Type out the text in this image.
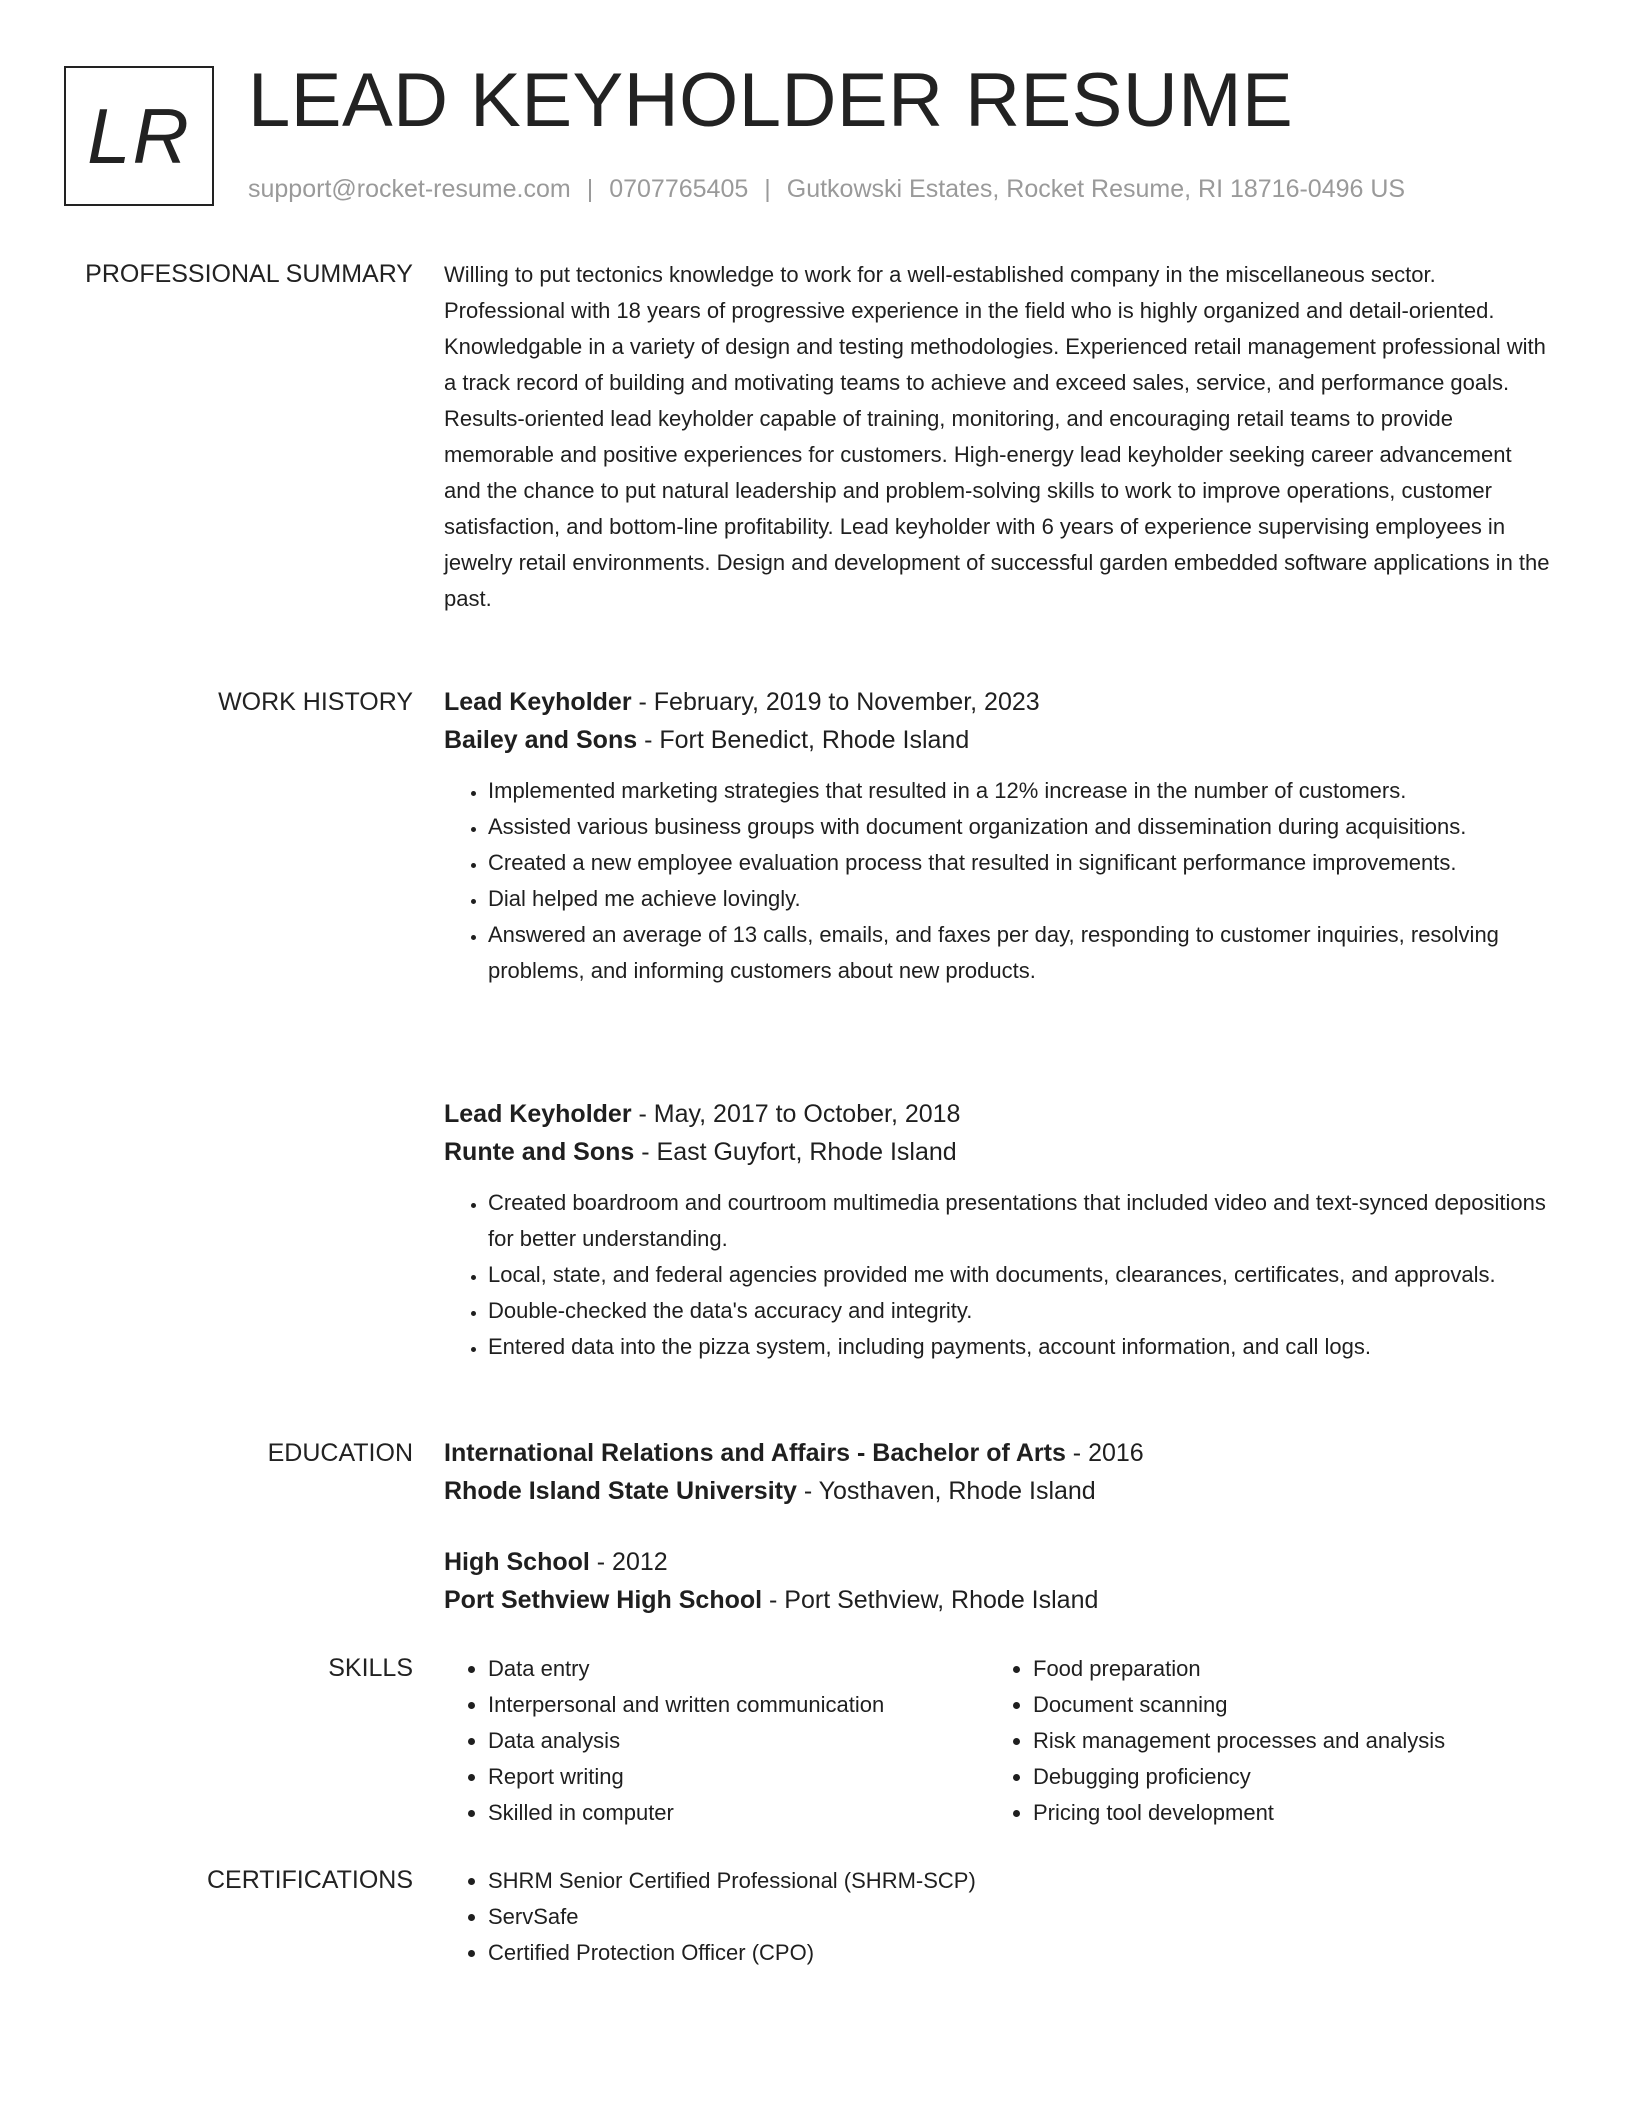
LR LEAD KEYHOLDER RESUME
support@rocket-resume.com | 0707765405 | Gutkowski Estates, Rocket Resume, RI 18716-0496 US
PROFESSIONAL SUMMARY Willing to put tectonics knowledge to work for a well-established company in the miscellaneous sector. Professional with 18 years of progressive experience in the field who is highly organized and detail-oriented. Knowledgable in a variety of design and testing methodologies. Experienced retail management professional with a track record of building and motivating teams to achieve and exceed sales, service, and performance goals. Results-oriented lead keyholder capable of training, monitoring, and encouraging retail teams to provide memorable and positive experiences for customers. High-energy lead keyholder seeking career advancement and the chance to put natural leadership and problem-solving skills to work to improve operations, customer satisfaction, and bottom-line profitability. Lead keyholder with 6 years of experience supervising employees in jewelry retail environments. Design and development of successful garden embedded software applications in the past.

WORK HISTORY Lead Keyholder - February, 2019 to November, 2023
Bailey and Sons - Fort Benedict, Rhode Island
• Implemented marketing strategies that resulted in a 12% increase in the number of customers.
• Assisted various business groups with document organization and dissemination during acquisitions.
• Created a new employee evaluation process that resulted in significant performance improvements.
• Dial helped me achieve lovingly.
• Answered an average of 13 calls, emails, and faxes per day, responding to customer inquiries, resolving problems, and informing customers about new products.
Lead Keyholder - May, 2017 to October, 2018
Runte and Sons - East Guyfort, Rhode Island
• Created boardroom and courtroom multimedia presentations that included video and text-synced depositions for better understanding.
• Local, state, and federal agencies provided me with documents, clearances, certificates, and approvals.
• Double-checked the data's accuracy and integrity.
• Entered data into the pizza system, including payments, account information, and call logs.
EDUCATION International Relations and Affairs - Bachelor of Arts - 2016
Rhode Island State University - Yosthaven, Rhode Island
High School - 2012
Port Sethview High School - Port Sethview, Rhode Island
SKILLS	• Data entry
• Interpersonal and written communication
• Data analysis
• Report writing
• Skilled in computer
• Food preparation
• Document scanning
• Risk management processes and analysis
• Debugging proficiency
• Pricing tool development
CERTIFICATIONS	• SHRM Senior Certified Professional (SHRM-SCP)
• ServSafe
• Certified Protection Officer (CPO)
